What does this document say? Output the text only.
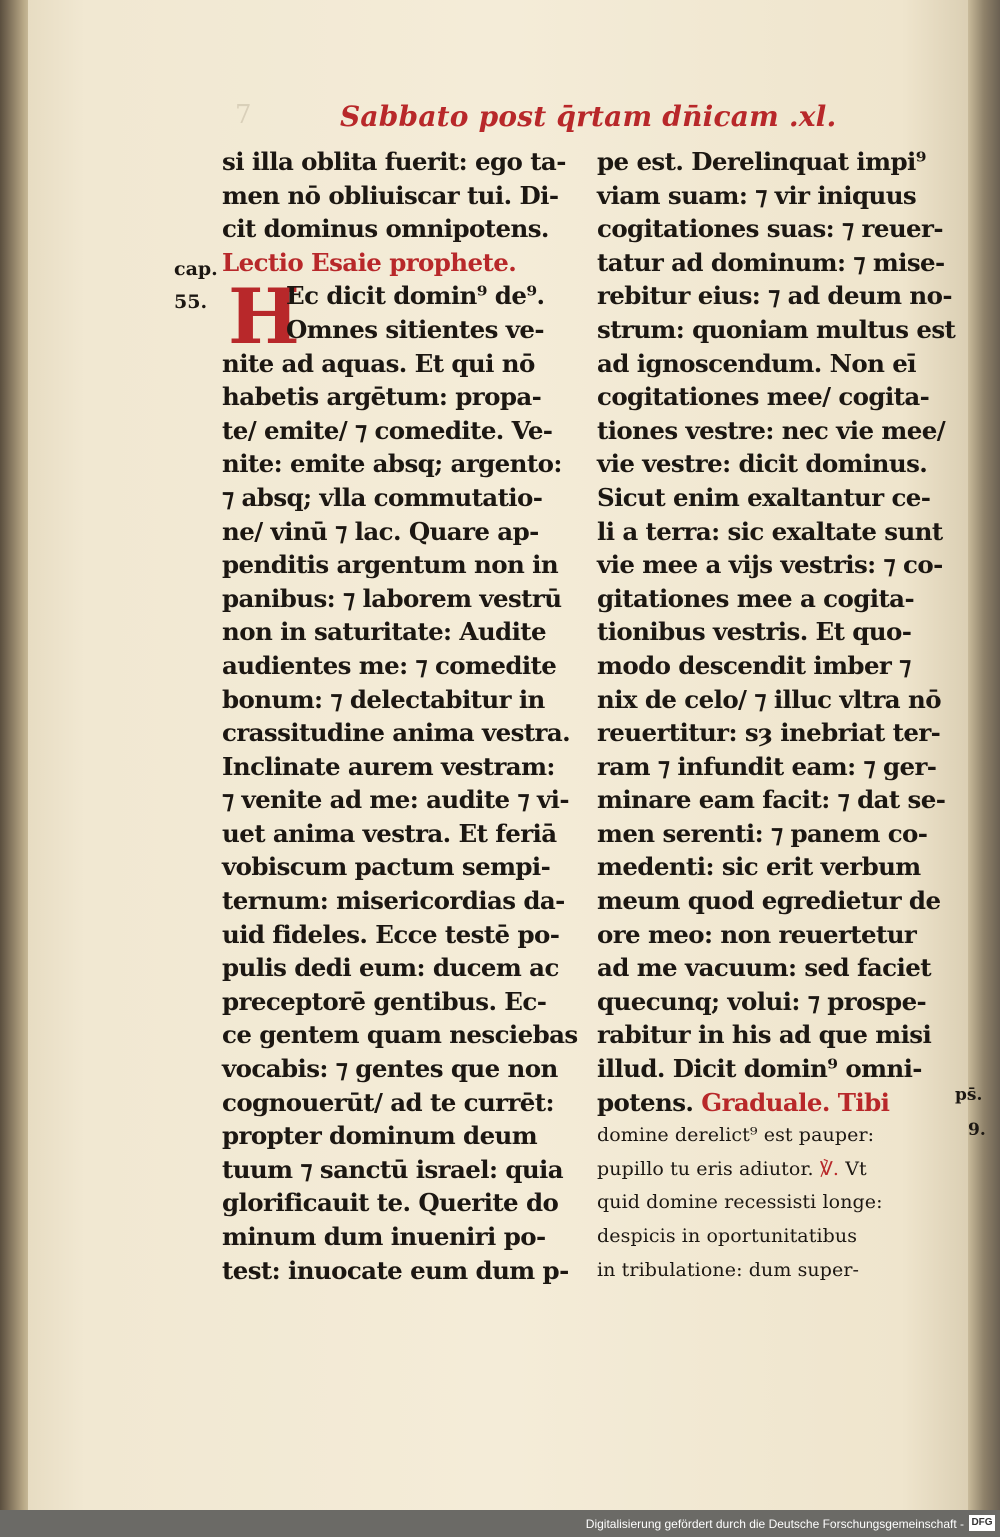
7	Sabbato post q̄rtam dn̄icam .xl.
cap.
55.
ps̄.
9.
H
si illa oblita fuerit: ego ta-
men nō obliuiscar tui. Di-
cit dominus omnipotens.
Lectio Esaie prophete.
Ec dicit domin⁹ de⁹.
Omnes sitientes ve-
nite ad aquas. Et qui nō
habetis argētum: propa-
te/ emite/ ⁊ comedite. Ve-
nite: emite absq; argento:
⁊ absq; vlla commutatio-
ne/ vinū ⁊ lac. Quare ap-
penditis argentum non in
panibus: ⁊ laborem vestrū
non in saturitate: Audite
audientes me: ⁊ comedite
bonum: ⁊ delectabitur in
crassitudine anima vestra.
Inclinate aurem vestram:
⁊ venite ad me: audite ⁊ vi-
uet anima vestra. Et feriā
vobiscum pactum sempi-
ternum: misericordias da-
uid fideles. Ecce testē po-
pulis dedi eum: ducem ac
preceptorē gentibus. Ec-
ce gentem quam nesciebas
vocabis: ⁊ gentes que non
cognouerūt/ ad te currēt:
propter dominum deum
tuum ⁊ sanctū israel: quia
glorificauit te. Querite do
minum dum inueniri po-
test: inuocate eum dum p-
pe est. Derelinquat impi⁹
viam suam: ⁊ vir iniquus
cogitationes suas: ⁊ reuer-
tatur ad dominum: ⁊ mise-
rebitur eius: ⁊ ad deum no-
strum: quoniam multus est
ad ignoscendum. Non eī
cogitationes mee/ cogita-
tiones vestre: nec vie mee/
vie vestre: dicit dominus.
Sicut enim exaltantur ce-
li a terra: sic exaltate sunt
vie mee a vijs vestris: ⁊ co-
gitationes mee a cogita-
tionibus vestris. Et quo-
modo descendit imber ⁊
nix de celo/ ⁊ illuc vltra nō
reuertitur: sȝ inebriat ter-
ram ⁊ infundit eam: ⁊ ger-
minare eam facit: ⁊ dat se-
men serenti: ⁊ panem co-
medenti: sic erit verbum
meum quod egredietur de
ore meo: non reuertetur
ad me vacuum: sed faciet
quecunq; volui: ⁊ prospe-
rabitur in his ad que misi
illud. Dicit domin⁹ omni-
potens. Graduale. Tibi
domine derelict⁹ est pauper:
pupillo tu eris adiutor. ℣. Vt
quid domine recessisti longe:
despicis in oportunitatibus
in tribulatione: dum super-
Digitalisierung gefördert durch die Deutsche Forschungsgemeinschaft - DFG
